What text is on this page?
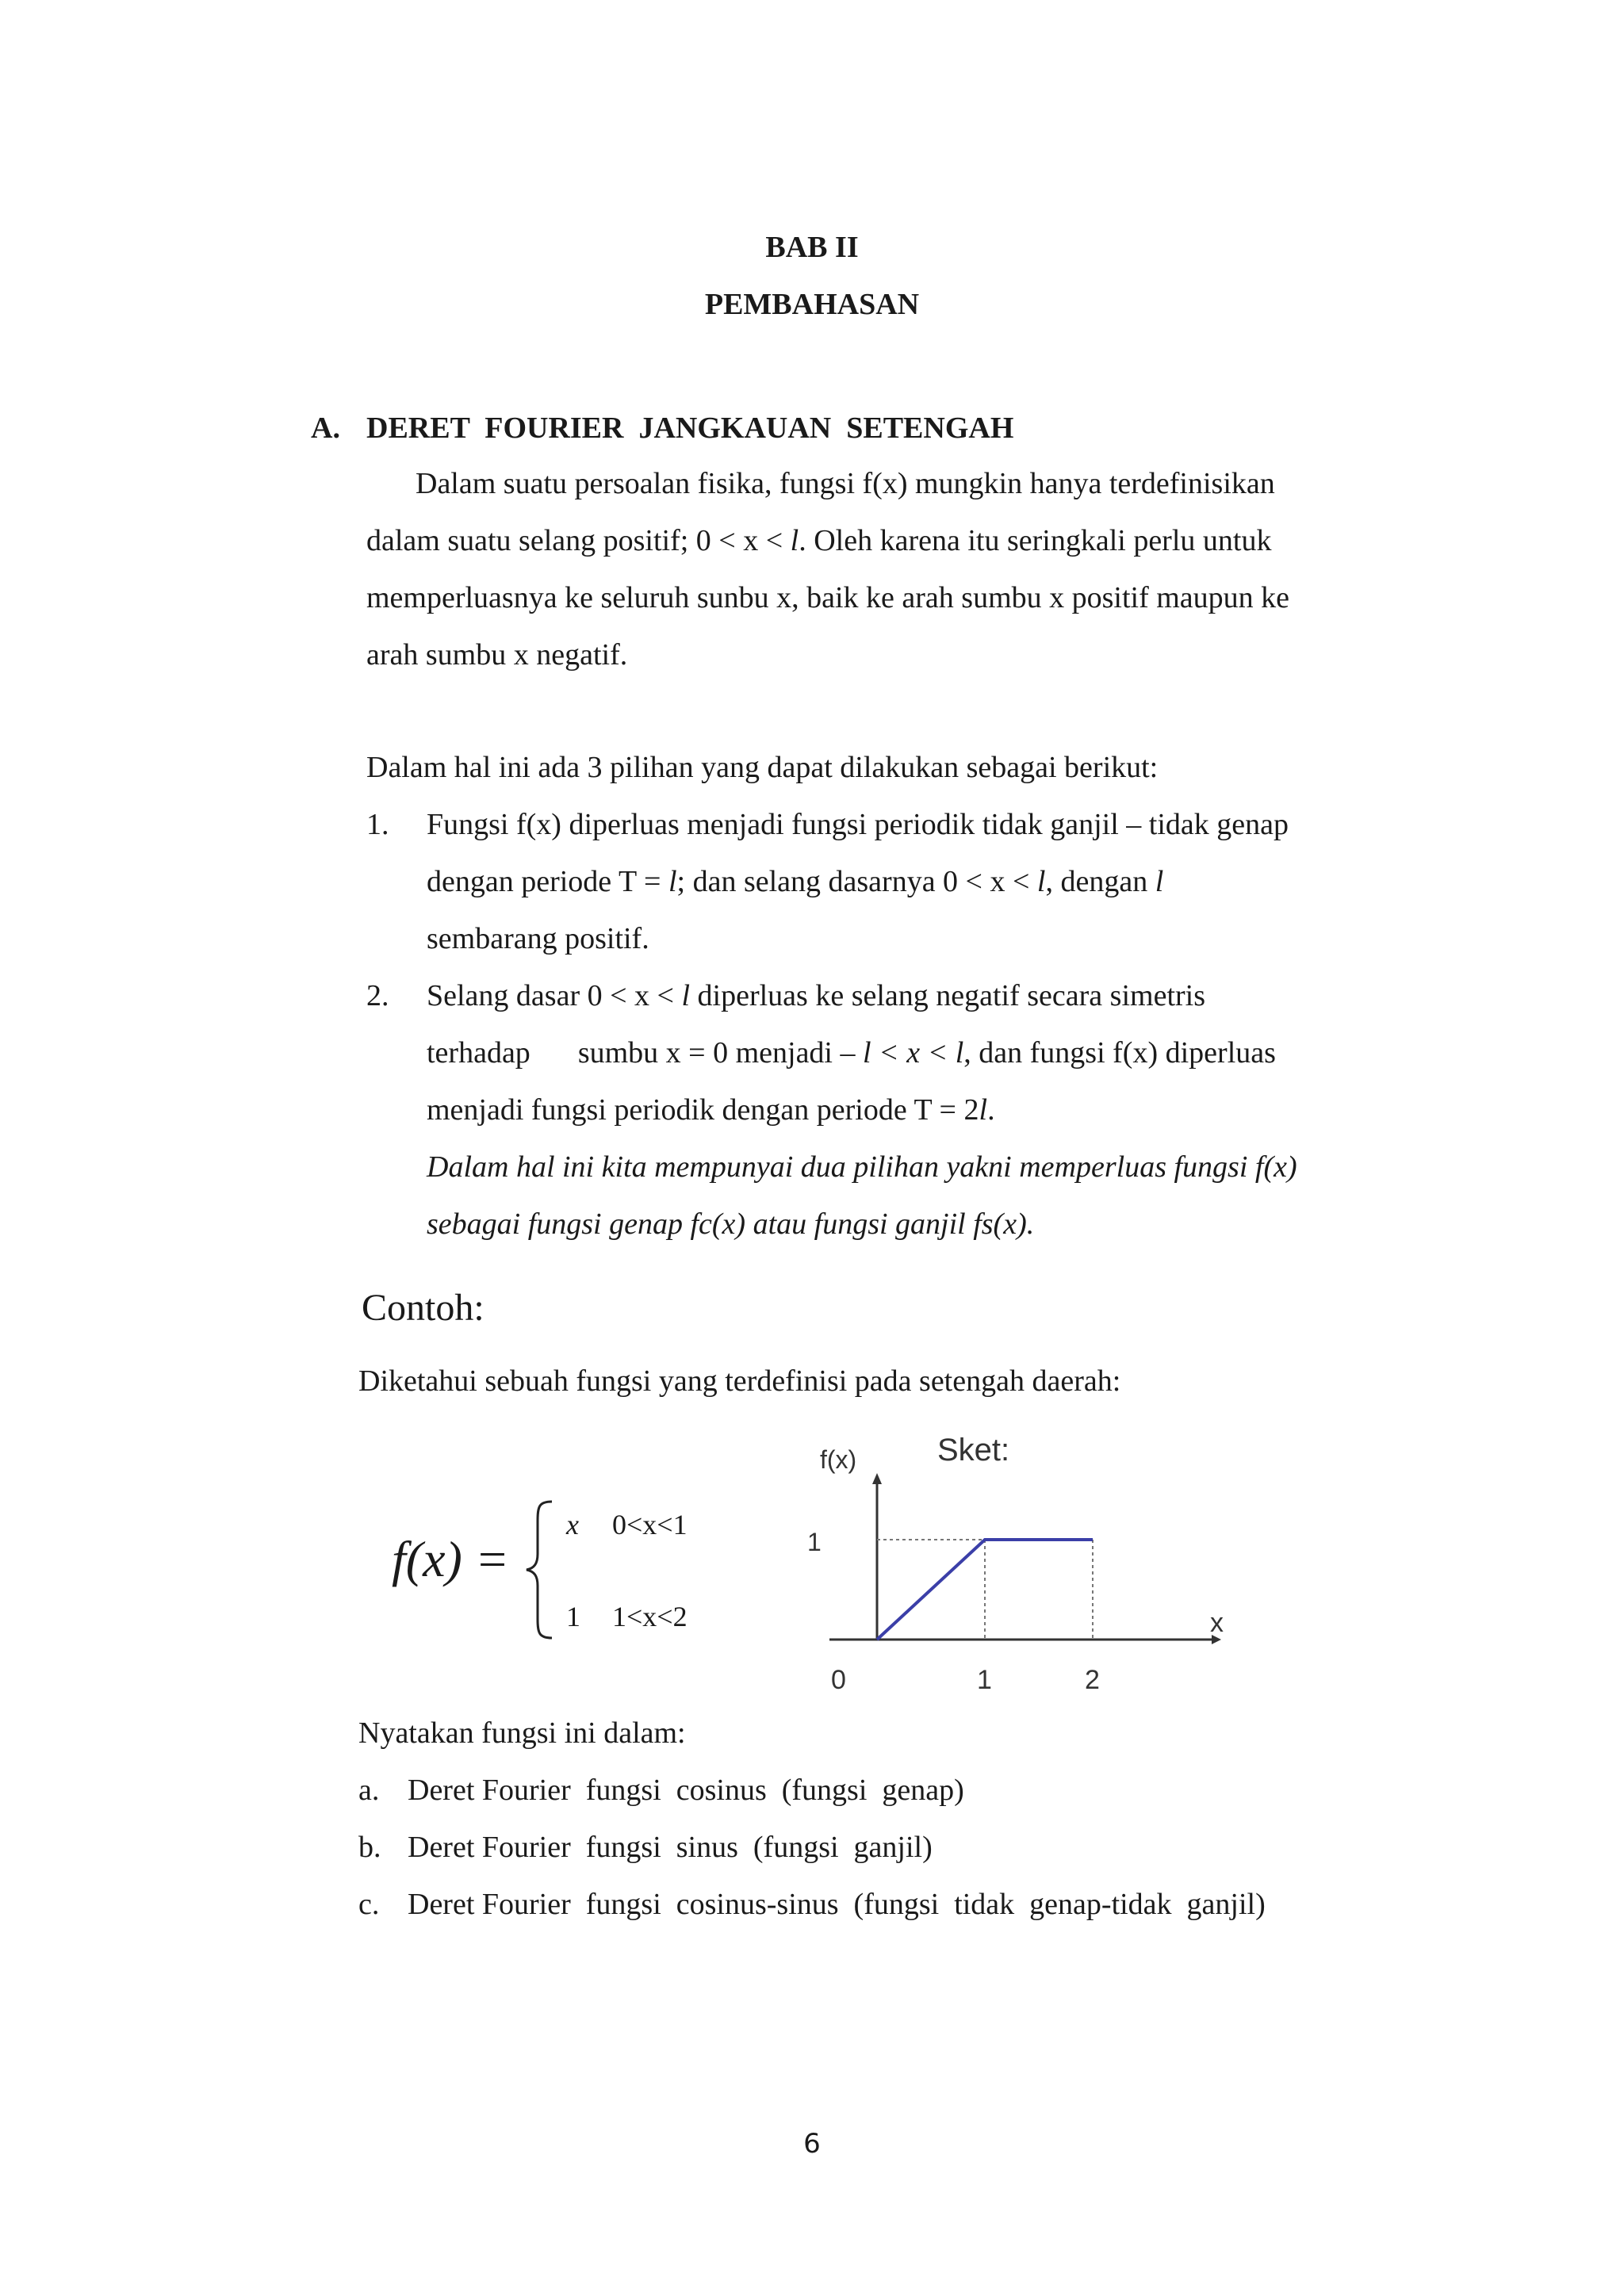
BAB II
PEMBAHASAN
A. DERET  FOURIER  JANGKAUAN  SETENGAH
Dalam suatu persoalan fisika, fungsi f(x) mungkin hanya terdefinisikan
dalam suatu selang positif; 0 < x < l. Oleh karena itu seringkali perlu untuk
memperluasnya ke seluruh sunbu x, baik ke arah sumbu x positif maupun ke
arah sumbu x negatif.
Dalam hal ini ada 3 pilihan yang dapat dilakukan sebagai berikut:
1. Fungsi f(x) diperluas menjadi fungsi periodik tidak ganjil – tidak genap
dengan periode T = l; dan selang dasarnya 0 < x < l, dengan l
sembarang positif.
2. Selang dasar 0 < x < l diperluas ke selang negatif secara simetris
terhadap sumbu x = 0 menjadi – l < x < l, dan fungsi f(x) diperluas
menjadi fungsi periodik dengan periode T = 2l.
Dalam hal ini kita mempunyai dua pilihan yakni memperluas fungsi f(x)
sebagai fungsi genap fc(x) atau fungsi ganjil fs(x).
Contoh:
Diketahui sebuah fungsi yang terdefinisi pada setengah daerah:
f(x) =
x 0<x<1
1 1<x<2
Sket:
f(x)
x
1
0	1	2
Nyatakan fungsi ini dalam:
a. Deret Fourier  fungsi  cosinus  (fungsi  genap)
b. Deret Fourier  fungsi  sinus  (fungsi  ganjil)
c. Deret Fourier  fungsi  cosinus-sinus  (fungsi  tidak  genap-tidak  ganjil)
6
